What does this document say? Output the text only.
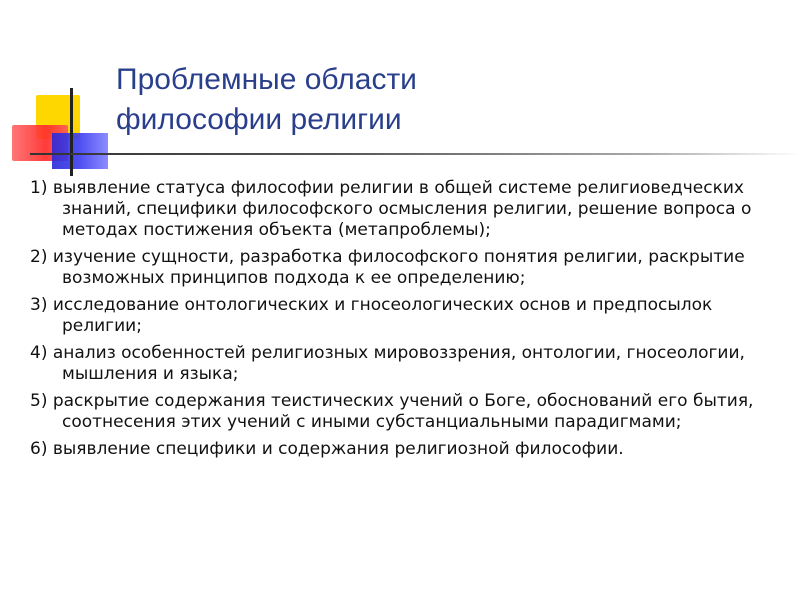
Проблемные области
философии религии
1) выявление статуса философии религии в общей системе религиоведческих знаний, специфики философского осмысления религии, решение вопроса о методах постижения объекта (метапроблемы);
2) изучение сущности, разработка философского понятия религии, раскрытие возможных принципов подхода к ее определению;
3) исследование онтологических и гносеологических основ и предпосылок религии;
4) анализ особенностей религиозных мировоззрения, онтологии, гносеологии, мышления и языка;
5) раскрытие содержания теистических учений о Боге, обоснований его бытия, соотнесения этих учений с иными субстанциальными парадигмами;
6) выявление специфики и содержания религиозной философии.
